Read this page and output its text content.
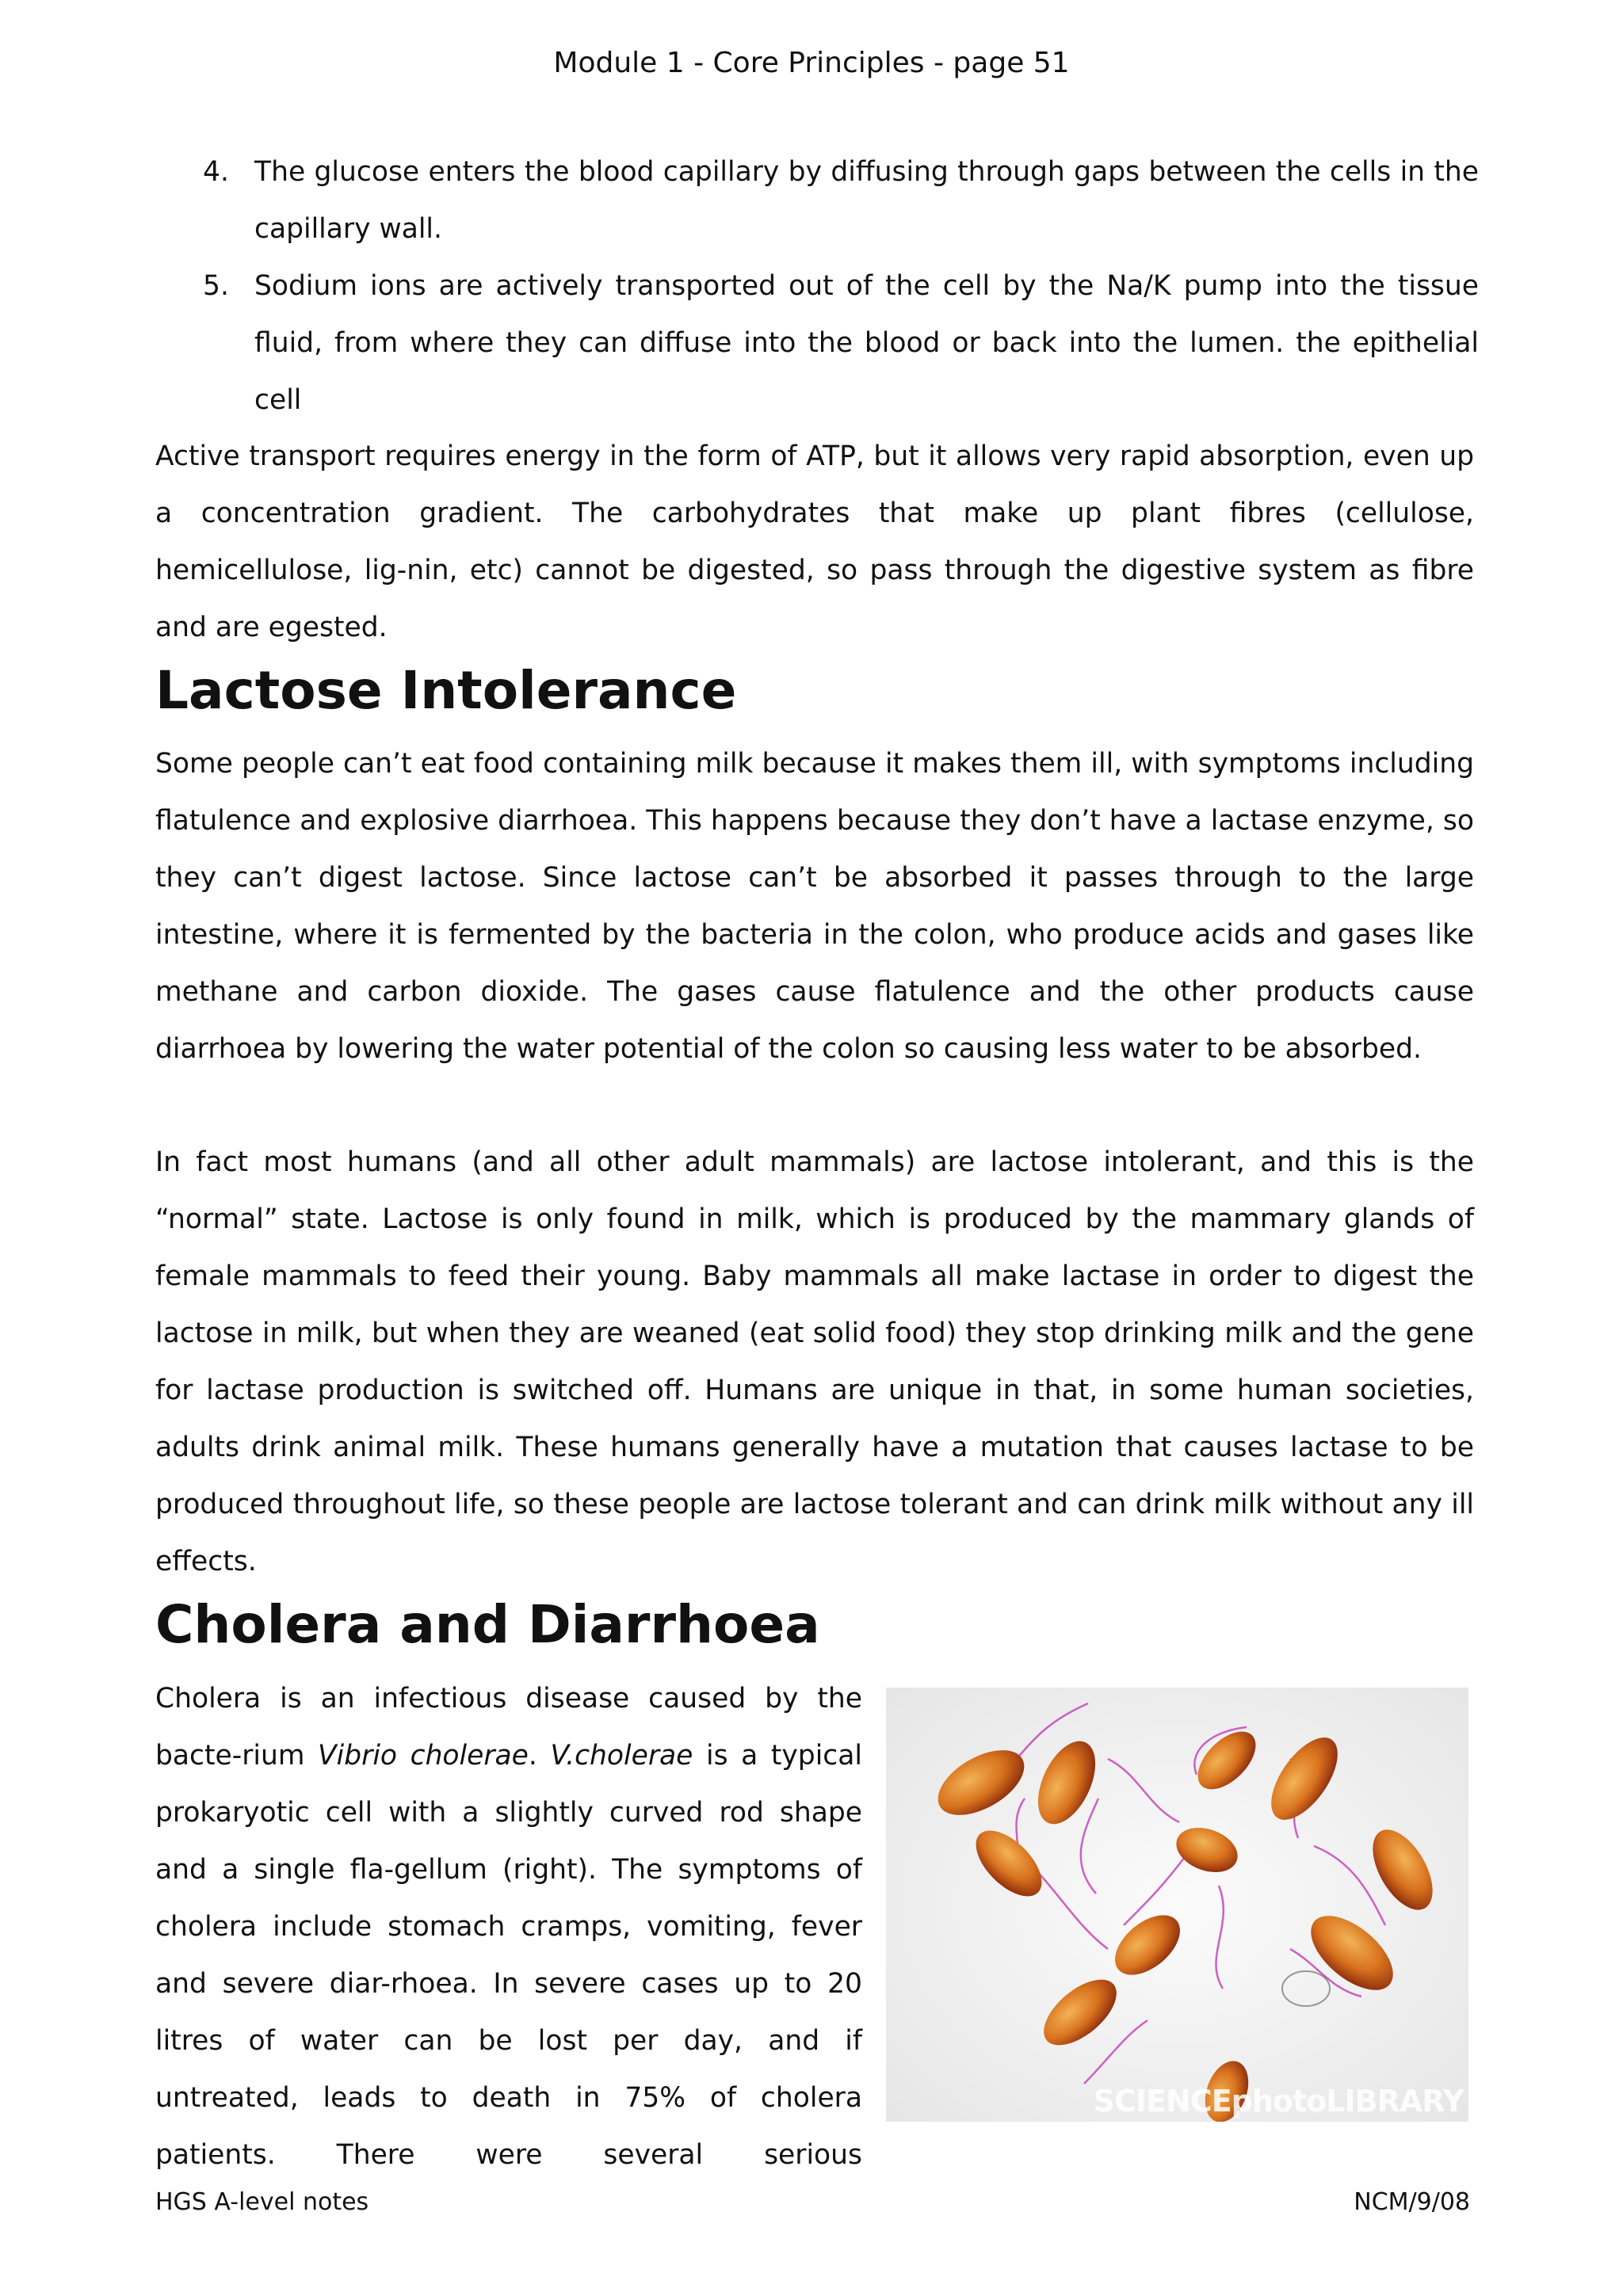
Module 1 - Core Principles - page 51
4. The glucose enters the blood capillary by diffusing through gaps between the cells in the capillary wall.
5. Sodium ions are actively transported out of the cell by the Na/K pump into the tissue fluid, from where they can diffuse into the blood or back into the lumen. the epithelial cell

Active transport requires energy in the form of ATP, but it allows very rapid absorption, even up a concentration gradient. The carbohydrates that make up plant fibres (cellulose, hemicellulose, lig-nin, etc) cannot be digested, so pass through the digestive system as fibre and are egested.

Lactose Intolerance

Some people can’t eat food containing milk because it makes them ill, with symptoms including flatulence and explosive diarrhoea. This happens because they don’t have a lactase enzyme, so they can’t digest lactose. Since lactose can’t be absorbed it passes through to the large intestine, where it is fermented by the bacteria in the colon, who produce acids and gases like methane and carbon dioxide. The gases cause flatulence and the other products cause diarrhoea by lowering the water potential of the colon so causing less water to be absorbed.

In fact most humans (and all other adult mammals) are lactose intolerant, and this is the “normal” state. Lactose is only found in milk, which is produced by the mammary glands of female mammals to feed their young. Baby mammals all make lactase in order to digest the lactose in milk, but when they are weaned (eat solid food) they stop drinking milk and the gene for lactase production is switched off. Humans are unique in that, in some human societies, adults drink animal milk. These humans generally have a mutation that causes lactase to be produced throughout life, so these people are lactose tolerant and can drink milk without any ill effects.

Cholera and Diarrhoea

Cholera is an infectious disease caused by the bacte-rium Vibrio cholerae. V.cholerae is a typical prokaryotic cell with a slightly curved rod shape and a single fla-gellum (right). The symptoms of cholera include stomach cramps, vomiting, fever and severe diar-rhoea. In severe cases up to 20 litres of water can be lost per day, and if untreated, leads to death in 75% of cholera patients. There were several serious

SCIENCEphotoLIBRARY
HGS A-level notes	NCM/9/08
